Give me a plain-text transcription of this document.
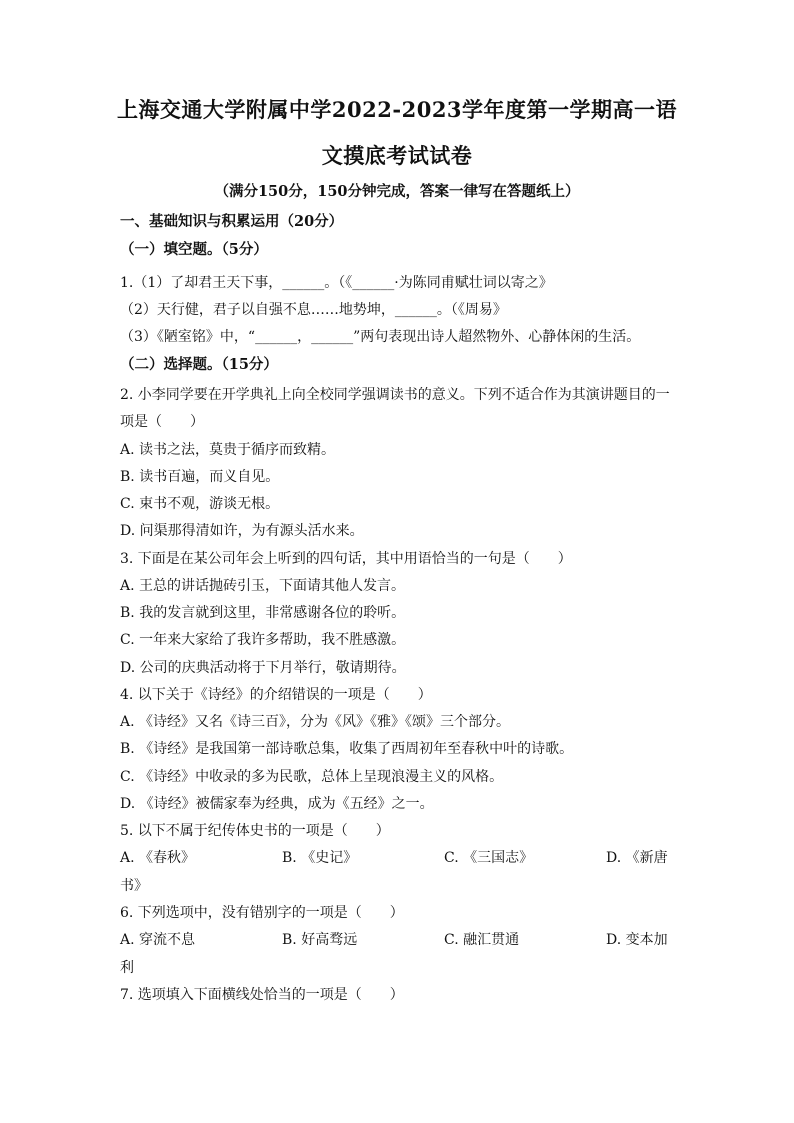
上海交通大学附属中学2022-2023学年度第一学期高一语
文摸底考试试卷
（满分150分，150分钟完成，答案一律写在答题纸上）
一、基础知识与积累运用（20分）
（一）填空题。（5分）
1.（1）了却君王天下事，______。（《______·为陈同甫赋壮词以寄之》
（2）天行健，君子以自强不息……地势坤，______。（《周易》
（3）《陋室铭》中，“______，______”两句表现出诗人超然物外、心静体闲的生活。
（二）选择题。（15分）
2. 小李同学要在开学典礼上向全校同学强调读书的意义。下列不适合作为其演讲题目的一
项是（　　）
A. 读书之法，莫贵于循序而致精。
B. 读书百遍，而义自见。
C. 束书不观，游谈无根。
D. 问渠那得清如许，为有源头活水来。
3. 下面是在某公司年会上听到的四句话，其中用语恰当的一句是（　　）
A. 王总的讲话抛砖引玉，下面请其他人发言。
B. 我的发言就到这里，非常感谢各位的聆听。
C. 一年来大家给了我许多帮助，我不胜感激。
D. 公司的庆典活动将于下月举行，敬请期待。
4. 以下关于《诗经》的介绍错误的一项是（　　）
A. 《诗经》又名《诗三百》，分为《风》《雅》《颂》三个部分。
B. 《诗经》是我国第一部诗歌总集，收集了西周初年至春秋中叶的诗歌。
C. 《诗经》中收录的多为民歌，总体上呈现浪漫主义的风格。
D. 《诗经》被儒家奉为经典，成为《五经》之一。
5. 以下不属于纪传体史书的一项是（　　）
A. 《春秋》	B. 《史记》	C. 《三国志》	D. 《新唐
书》
6. 下列选项中，没有错别字的一项是（　　）
A. 穿流不息	B. 好高骛远	C. 融汇贯通	D. 变本加
利
7. 选项填入下面横线处恰当的一项是（　　）
